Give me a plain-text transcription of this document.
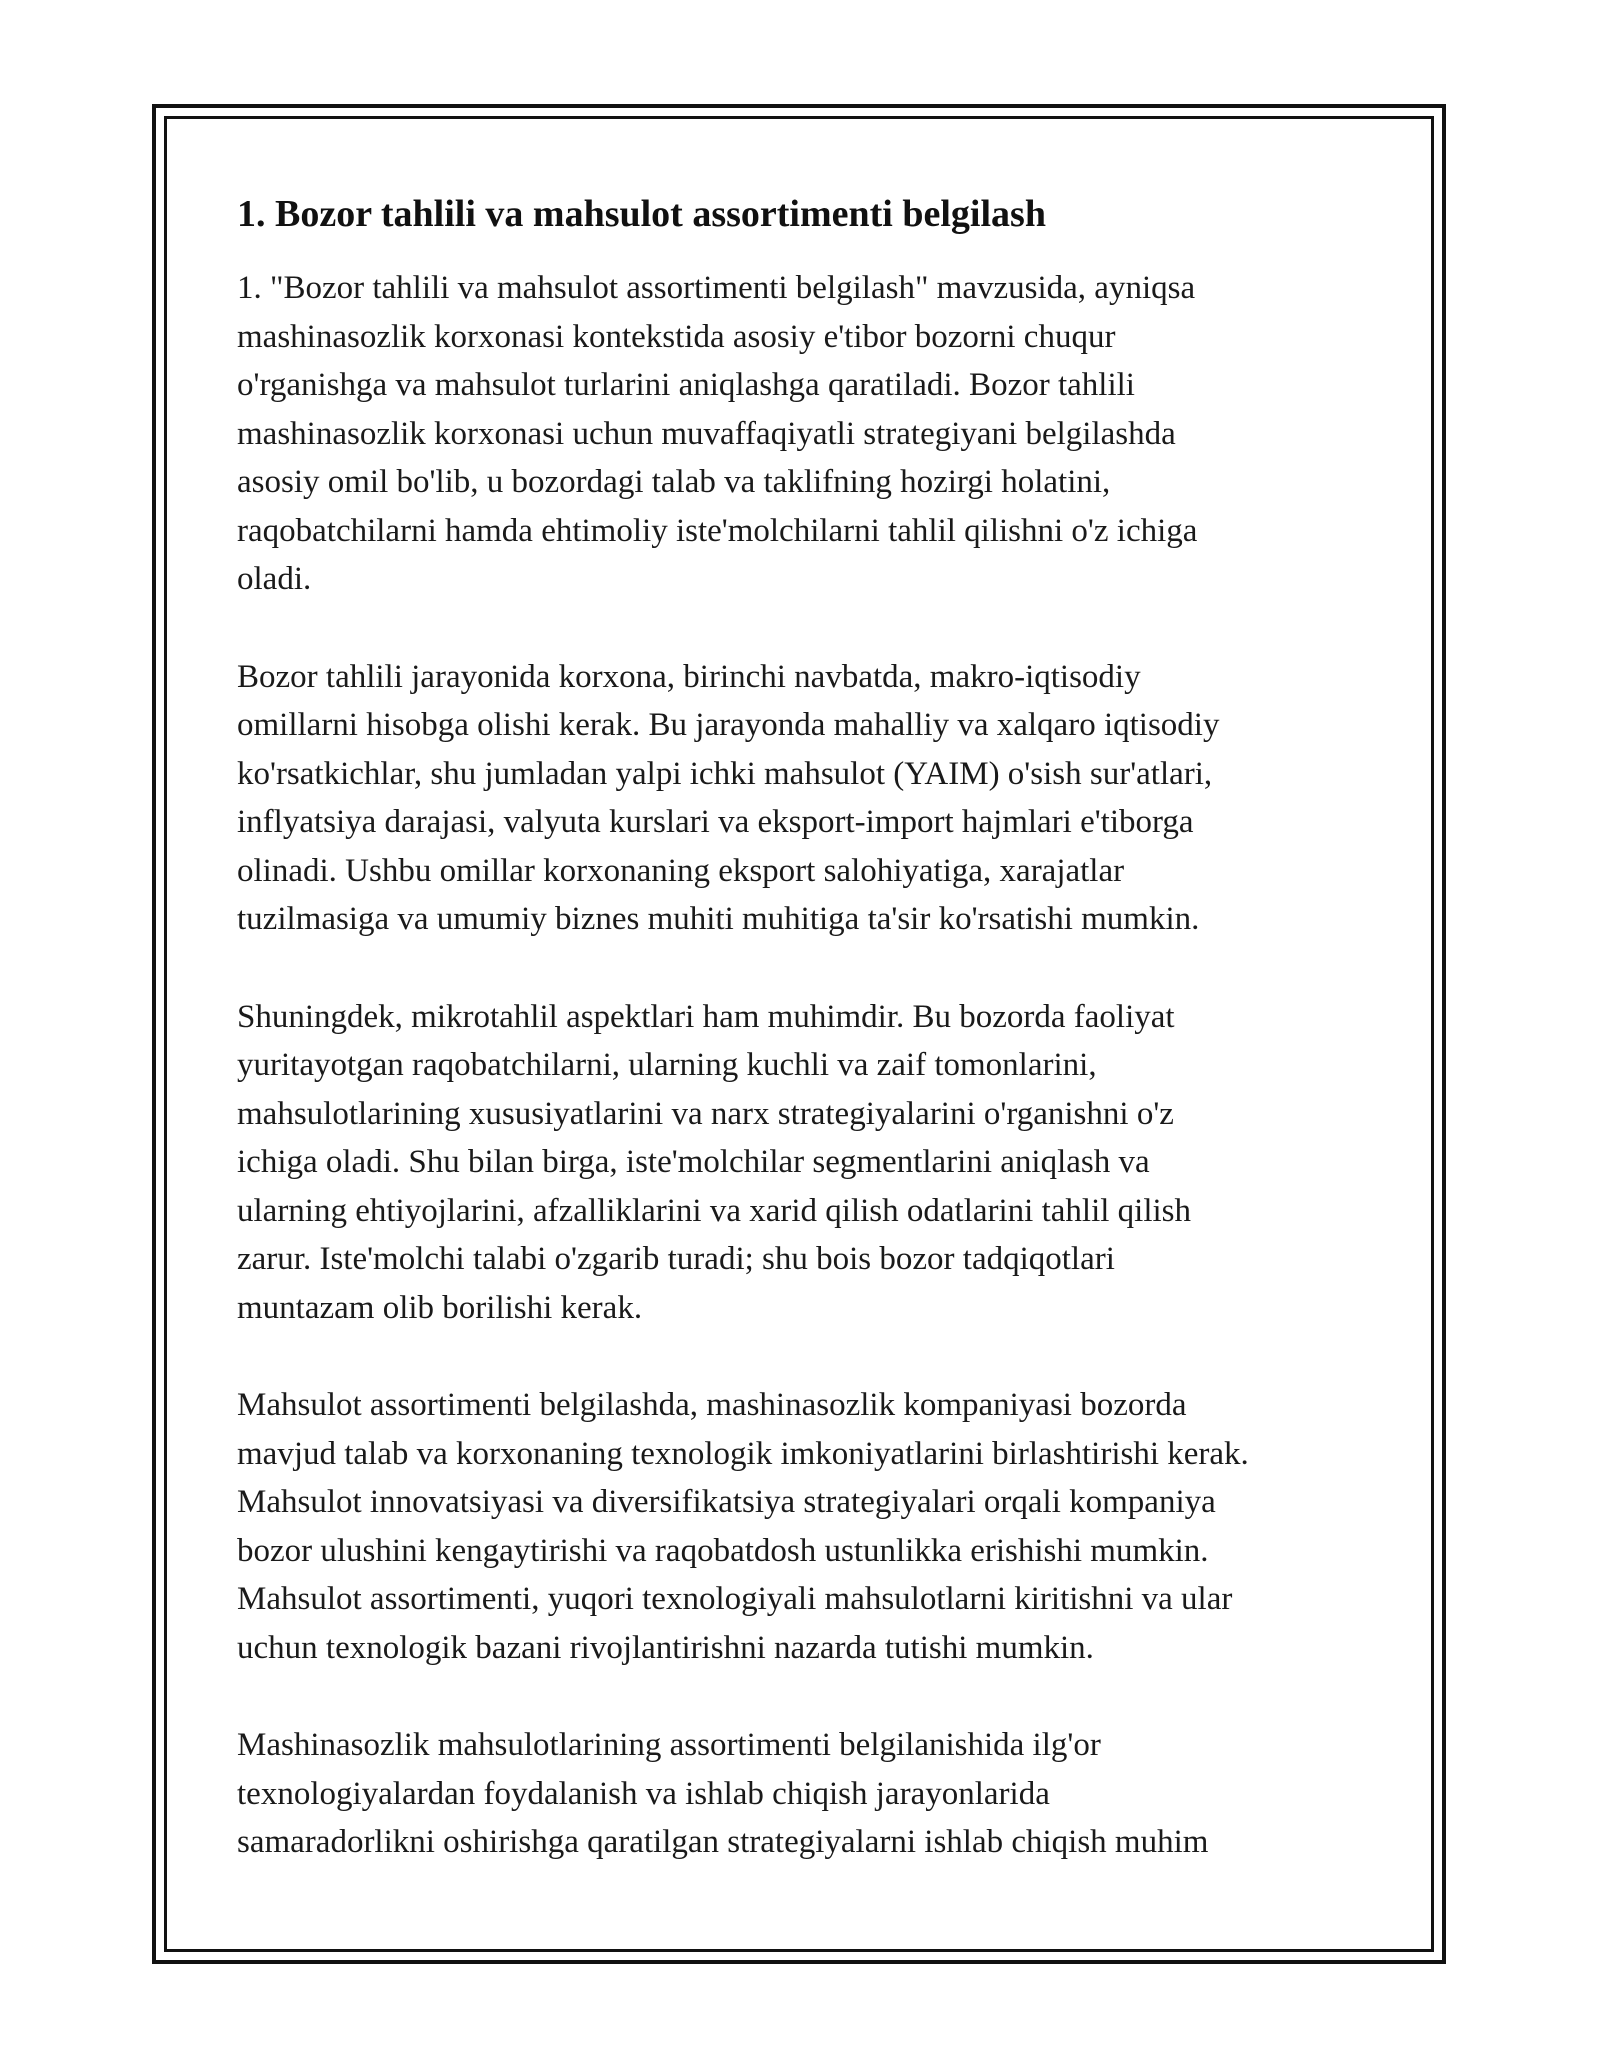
1. Bozor tahlili va mahsulot assortimenti belgilash

1. "Bozor tahlili va mahsulot assortimenti belgilash" mavzusida, ayniqsa
mashinasozlik korxonasi kontekstida asosiy e'tibor bozorni chuqur
o'rganishga va mahsulot turlarini aniqlashga qaratiladi. Bozor tahlili
mashinasozlik korxonasi uchun muvaffaqiyatli strategiyani belgilashda
asosiy omil bo'lib, u bozordagi talab va taklifning hozirgi holatini,
raqobatchilarni hamda ehtimoliy iste'molchilarni tahlil qilishni o'z ichiga
oladi.

Bozor tahlili jarayonida korxona, birinchi navbatda, makro-iqtisodiy
omillarni hisobga olishi kerak. Bu jarayonda mahalliy va xalqaro iqtisodiy
ko'rsatkichlar, shu jumladan yalpi ichki mahsulot (YAIM) o'sish sur'atlari,
inflyatsiya darajasi, valyuta kurslari va eksport-import hajmlari e'tiborga
olinadi. Ushbu omillar korxonaning eksport salohiyatiga, xarajatlar
tuzilmasiga va umumiy biznes muhiti muhitiga ta'sir ko'rsatishi mumkin.

Shuningdek, mikrotahlil aspektlari ham muhimdir. Bu bozorda faoliyat
yuritayotgan raqobatchilarni, ularning kuchli va zaif tomonlarini,
mahsulotlarining xususiyatlarini va narx strategiyalarini o'rganishni o'z
ichiga oladi. Shu bilan birga, iste'molchilar segmentlarini aniqlash va
ularning ehtiyojlarini, afzalliklarini va xarid qilish odatlarini tahlil qilish
zarur. Iste'molchi talabi o'zgarib turadi; shu bois bozor tadqiqotlari
muntazam olib borilishi kerak.

Mahsulot assortimenti belgilashda, mashinasozlik kompaniyasi bozorda
mavjud talab va korxonaning texnologik imkoniyatlarini birlashtirishi kerak.
Mahsulot innovatsiyasi va diversifikatsiya strategiyalari orqali kompaniya
bozor ulushini kengaytirishi va raqobatdosh ustunlikka erishishi mumkin.
Mahsulot assortimenti, yuqori texnologiyali mahsulotlarni kiritishni va ular
uchun texnologik bazani rivojlantirishni nazarda tutishi mumkin.

Mashinasozlik mahsulotlarining assortimenti belgilanishida ilg'or
texnologiyalardan foydalanish va ishlab chiqish jarayonlarida
samaradorlikni oshirishga qaratilgan strategiyalarni ishlab chiqish muhim
